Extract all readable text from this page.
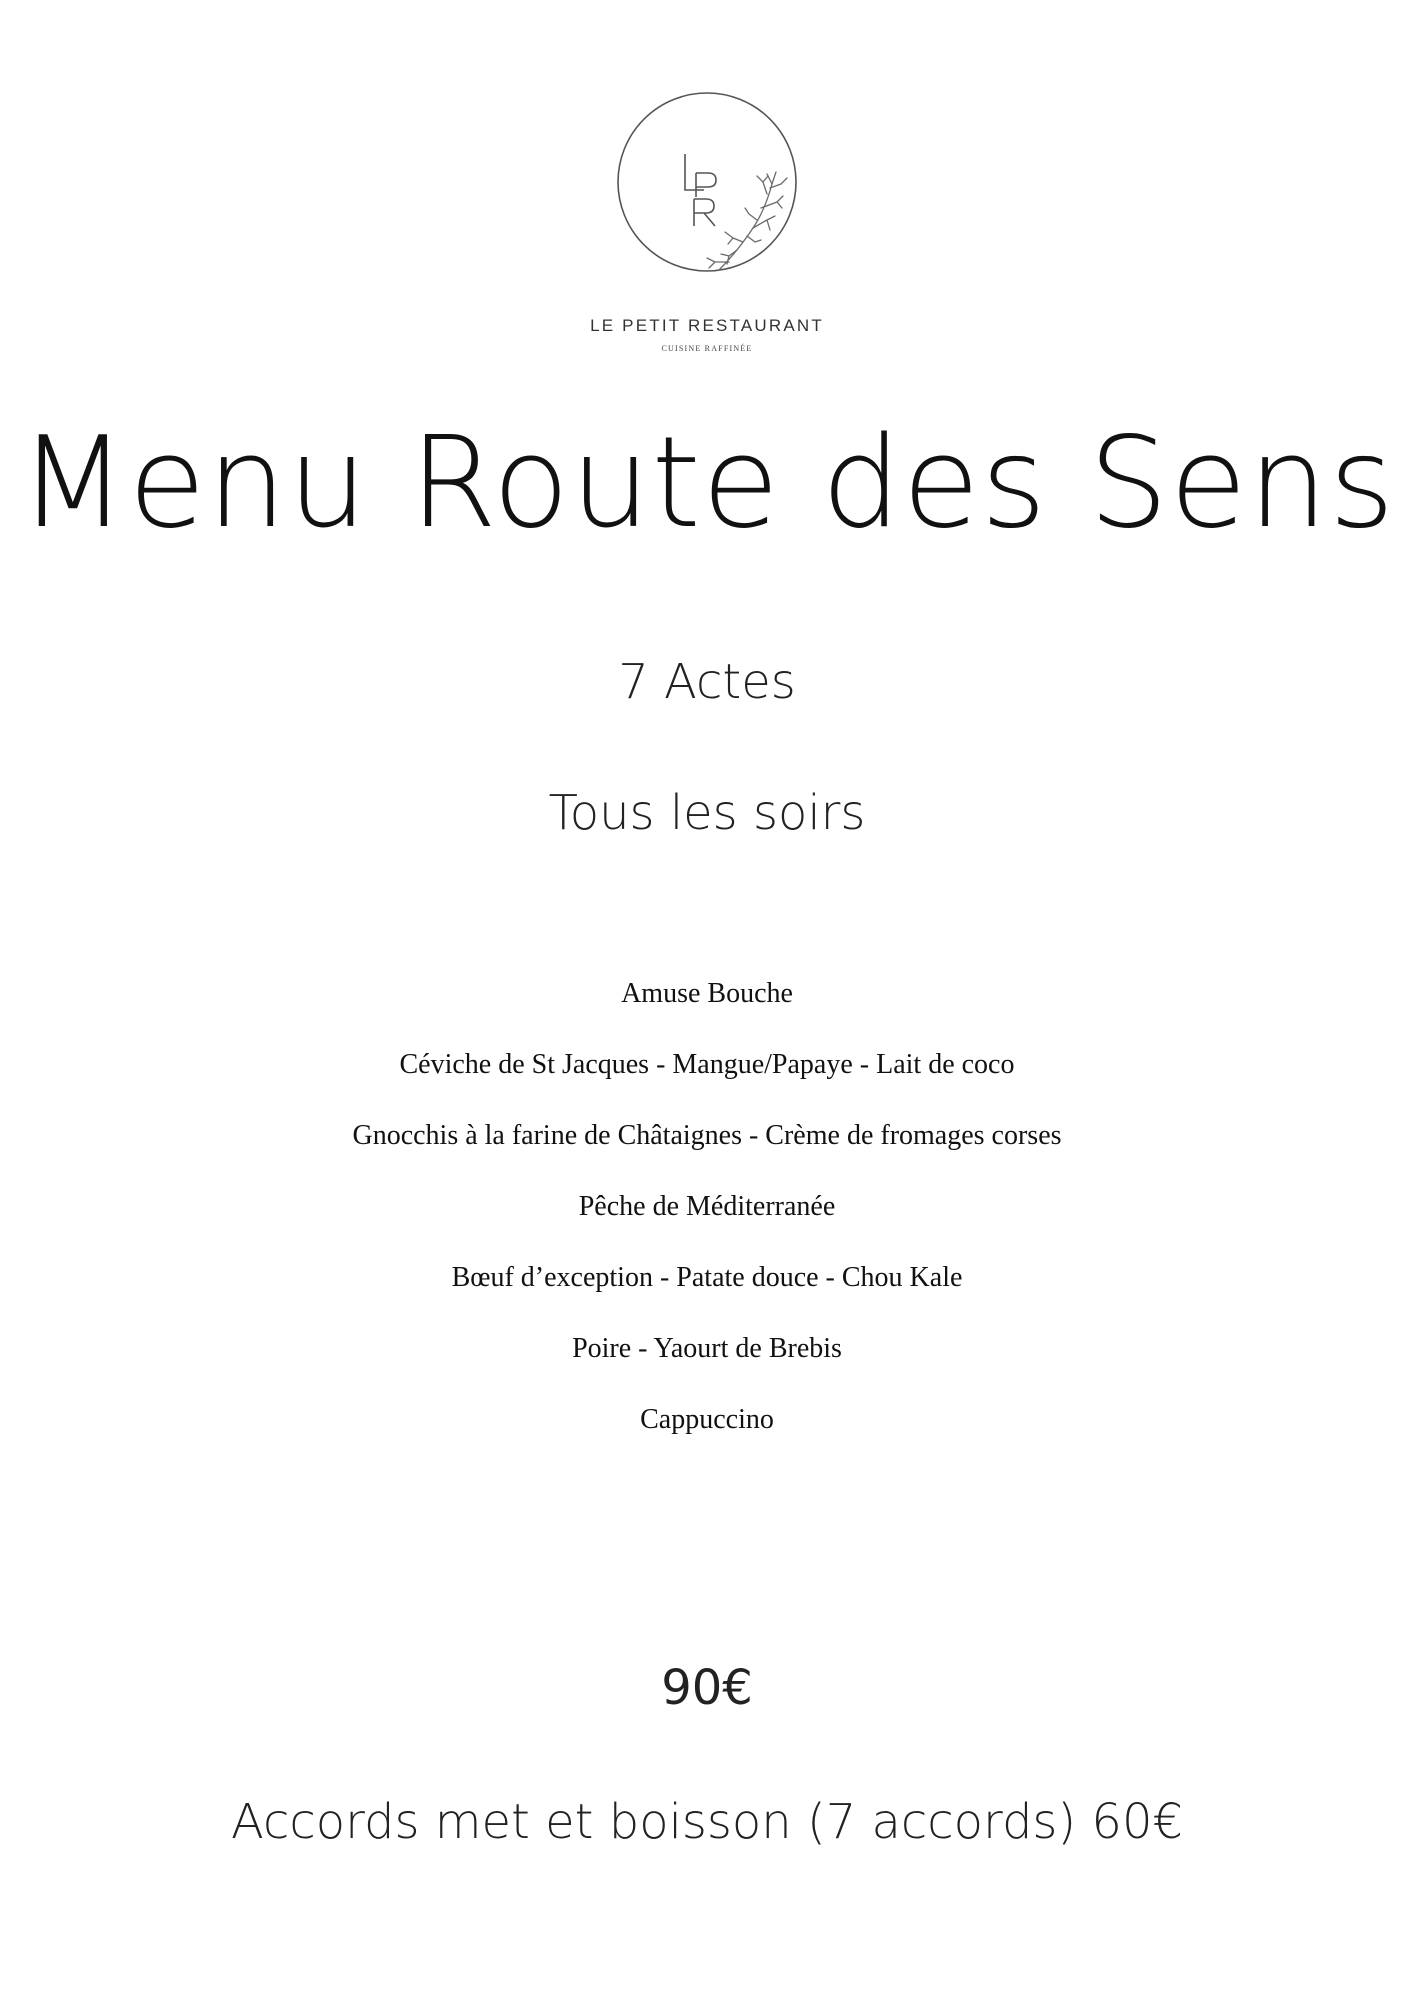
LE PETIT RESTAURANT
CUISINE RAFFINÉE
Menu Route des Sens
7 Actes
Tous les soirs
Amuse Bouche
Céviche de St Jacques - Mangue/Papaye - Lait de coco
Gnocchis à la farine de Châtaignes - Crème de fromages corses
Pêche de Méditerranée
Bœuf d’exception - Patate douce - Chou Kale
Poire - Yaourt de Brebis
Cappuccino
90€
Accords met et boisson (7 accords) 60€
